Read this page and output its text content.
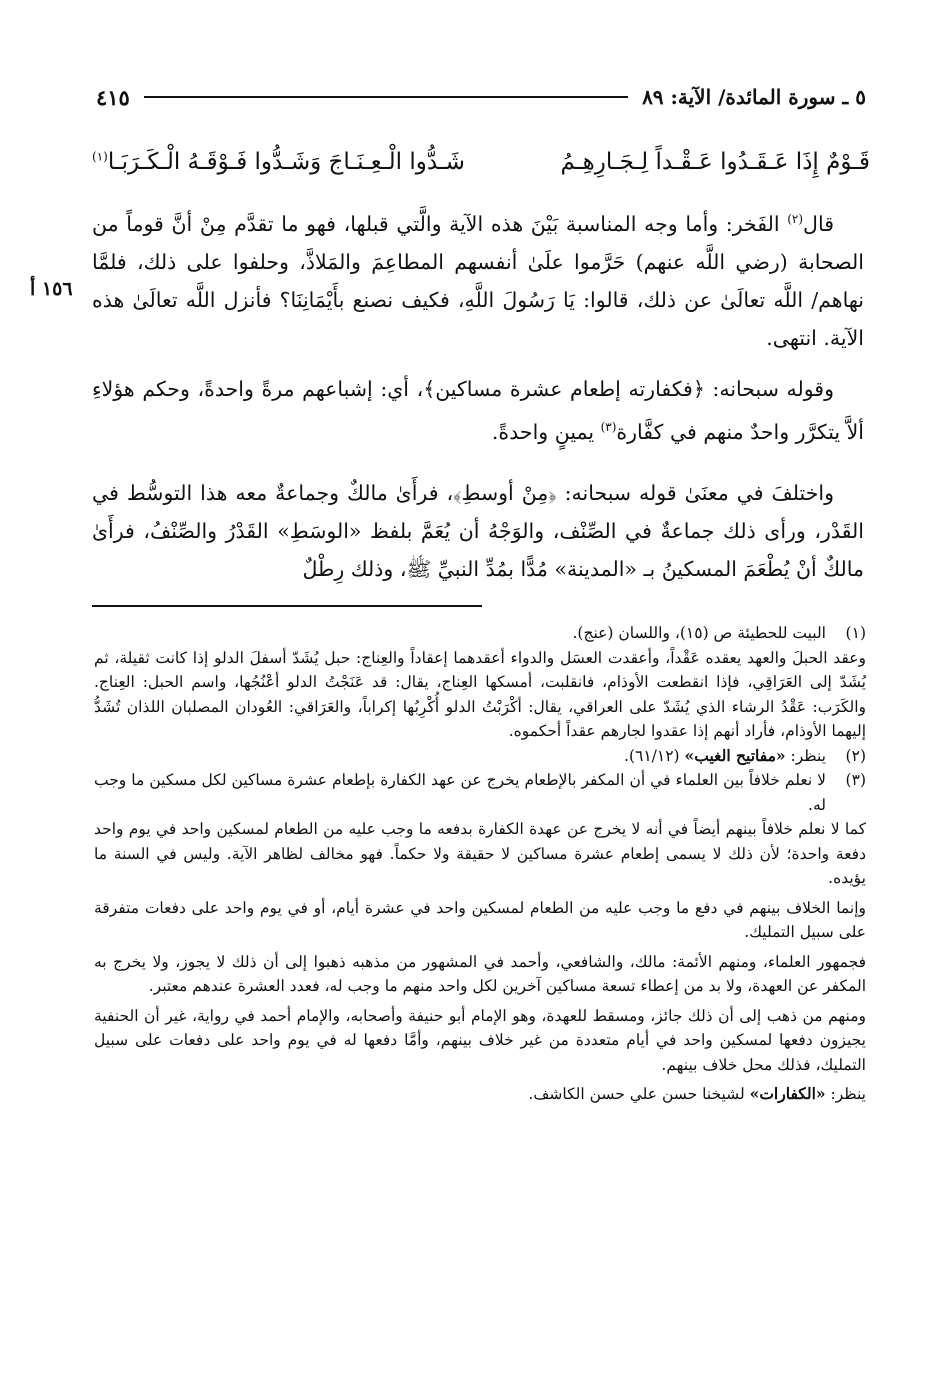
٥ ـ سورة المائدة/ الآية: ٨٩
٤١٥
قَـوْمٌ إِذَا عَـقَـدُوا عَـقْـداً لِـجَـارِهِـمُ
شَـدُّوا الْـعِـنَـاجَ وَشَـدُّوا فَـوْقَـهُ الْـكَـرَبَـا$^{(١)}$
قال$^{(٢)}$ الفَخر: وأما وجه المناسبة بَيْنَ هذه الآية والَّتي قبلها، فهو ما تقدَّم مِنْ أنَّ قوماً من الصحابة (رضي اللَّه عنهم) حَرَّموا علَىٰ أنفسهم المطاعِمَ والمَلاذَّ، وحلفوا على ذلك، فلمَّا نهاهم/ اللَّه تعالَىٰ عن ذلك، قالوا: يَا رَسُولَ اللَّهِ، فكيف نصنع بأَيْمَانِنَا؟ فأنزل اللَّه تعالَىٰ هذه الآية. انتهى.
١٥٦ أ
وقوله سبحانه: ﴿فكفارته إطعام عشرة مساكين﴾، أي: إشباعهم مرةً واحدةً، وحكم هؤلاءِ ألاَّ يتكرَّر واحدٌ منهم في كفَّارة$^{(٣)}$ يمينٍ واحدةً.
واختلفَ في معنَىٰ قوله سبحانه: ﴿مِنْ أوسطِ﴾، فرأَىٰ مالكٌ وجماعةٌ معه هذا التوسُّط في القَدْر، ورأى ذلك جماعةٌ في الصِّنْف، والوَجْهُ أن يُعَمَّ بلفظ «الوسَطِ» القَدْرُ والصِّنْفُ، فرأَىٰ مالكٌ أنْ يُطْعَمَ المسكينُ بـ «المدينة» مُدًّا بمُدِّ النبيِّ ﷺ، وذلك رِطْلٌ
(١)
البيت للحطيئة ص (١٥)، واللسان (عنج).
وعقد الحبلَ والعهد يعقده عَقْداً، وأعقدت العسَل والدواء أعقدهما إعقاداً والعِناج: حبل يُشَدّ أسفلَ الدلو إذا كانت ثقيلة، ثم يُشَدّ إلى العَرَاقِي، فإذا انقطعت الأوذام، فانقلبت، أمسكها العِناج، يقال: قد عَنَجْتُ الدلو أعْنُجُها، واسم الحبل: العِناج. والكَرَب: عَقْدُ الرشاء الذي يُشَدّ على العراقي، يقال: أكْرَبْتُ الدلو أُكْرِبُها إكراباً، والعَرَاقي: العُودان المصلبان اللذان تُشَدُّ إليهما الأوذام، فأراد أنهم إذا عقدوا لجارهم عقداً أحكموه.
(٢)
ينظر: «مفاتيح الغيب» (٦١/١٢).
(٣)
لا نعلم خلافاً بين العلماء في أن المكفر بالإطعام يخرج عن عهد الكفارة بإطعام عشرة مساكين لكل مسكين ما وجب له.
كما لا نعلم خلافاً بينهم أيضاً في أنه لا يخرج عن عهدة الكفارة بدفعه ما وجب عليه من الطعام لمسكين واحد في يوم واحد دفعة واحدة؛ لأن ذلك لا يسمى إطعام عشرة مساكين لا حقيقة ولا حكماً. فهو مخالف لظاهر الآية. وليس في السنة ما يؤيده.
وإنما الخلاف بينهم في دفع ما وجب عليه من الطعام لمسكين واحد في عشرة أيام، أو في يوم واحد على دفعات متفرقة على سبيل التمليك.
فجمهور العلماء، ومنهم الأئمة: مالك، والشافعي، وأحمد في المشهور من مذهبه ذهبوا إلى أن ذلك لا يجوز، ولا يخرج به المكفر عن العهدة، ولا بد من إعطاء تسعة مساكين آخرين لكل واحد منهم ما وجب له، فعدد العشرة عندهم معتبر.
ومنهم من ذهب إلى أن ذلك جائز، ومسقط للعهدة، وهو الإمام أبو حنيفة وأصحابه، والإمام أحمد في رواية، غير أن الحنفية يجيزون دفعها لمسكين واحد في أيام متعددة من غير خلاف بينهم، وأمَّا دفعها له في يوم واحد على دفعات على سبيل التمليك، فذلك محل خلاف بينهم.
ينظر: «الكفارات» لشيخنا حسن علي حسن الكاشف.
